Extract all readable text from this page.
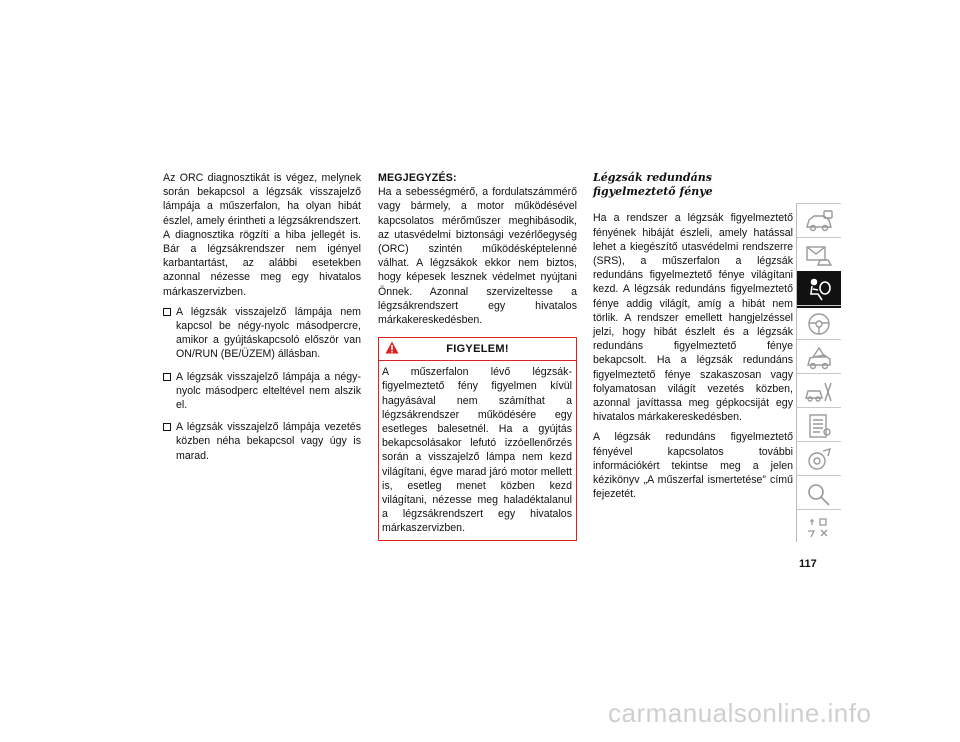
Az ORC diagnosztikát is végez, melynek során bekapcsol a légzsák visszajelző lámpája a műszerfalon, ha olyan hibát észlel, amely érintheti a légzsákrendszert. A diagnosztika rögzíti a hiba jellegét is. Bár a légzsákrendszer nem igényel karbantartást, az alábbi esetekben azonnal nézesse meg egy hivatalos márkaszervizben.

A légzsák visszajelző lámpája nem kapcsol be négy-nyolc másodpercre, amikor a gyújtáskapcsoló először van ON/RUN (BE/ÜZEM) állásban.
A légzsák visszajelző lámpája a négy-nyolc másodperc elteltével nem alszik el.
A légzsák visszajelző lámpája vezetés közben néha bekapcsol vagy úgy is marad.
MEGJEGYZÉS:

Ha a sebességmérő, a fordulatszámmérő vagy bármely, a motor működésével kapcsolatos mérőműszer meghibásodik, az utasvédelmi biztonsági vezérlőegység (ORC) szintén működésképtelenné válhat. A légzsákok ekkor nem biztos, hogy képesek lesznek védelmet nyújtani Önnek. Azonnal szervizeltesse a légzsákrendszert egy hivatalos márkakereskedésben.

FIGYELEM!
A műszerfalon lévő légzsák-figyelmeztető fény figyelmen kívül hagyásával nem számíthat a légzsákrendszer működésére egy esetleges balesetnél. Ha a gyújtás bekapcsolásakor lefutó izzóellenőrzés során a visszajelző lámpa nem kezd világítani, égve marad járó motor mellett is, esetleg menet közben kezd világítani, nézesse meg haladéktalanul a légzsákrendszert egy hivatalos márkaszervizben.
Légzsák redundáns figyelmeztető fénye

Ha a rendszer a légzsák figyelmeztető fényének hibáját észleli, amely hatással lehet a kiegészítő utasvédelmi rendszerre (SRS), a műszerfalon a légzsák redundáns figyelmeztető fénye világítani kezd. A légzsák redundáns figyelmeztető fénye addig világít, amíg a hibát nem törlik. A rendszer emellett hangjelzéssel jelzi, hogy hibát észlelt és a légzsák redundáns figyelmeztető fénye bekapcsolt. Ha a légzsák redundáns figyelmeztető fénye szakaszosan vagy folyamatosan világít vezetés közben, azonnal javíttassa meg gépkocsiját egy hivatalos márkakereskedésben.

A légzsák redundáns figyelmeztető fényével kapcsolatos további információkért tekintse meg a jelen kézikönyv „A műszerfal ismertetése” című fejezetét.

117
carmanualsonline.info
